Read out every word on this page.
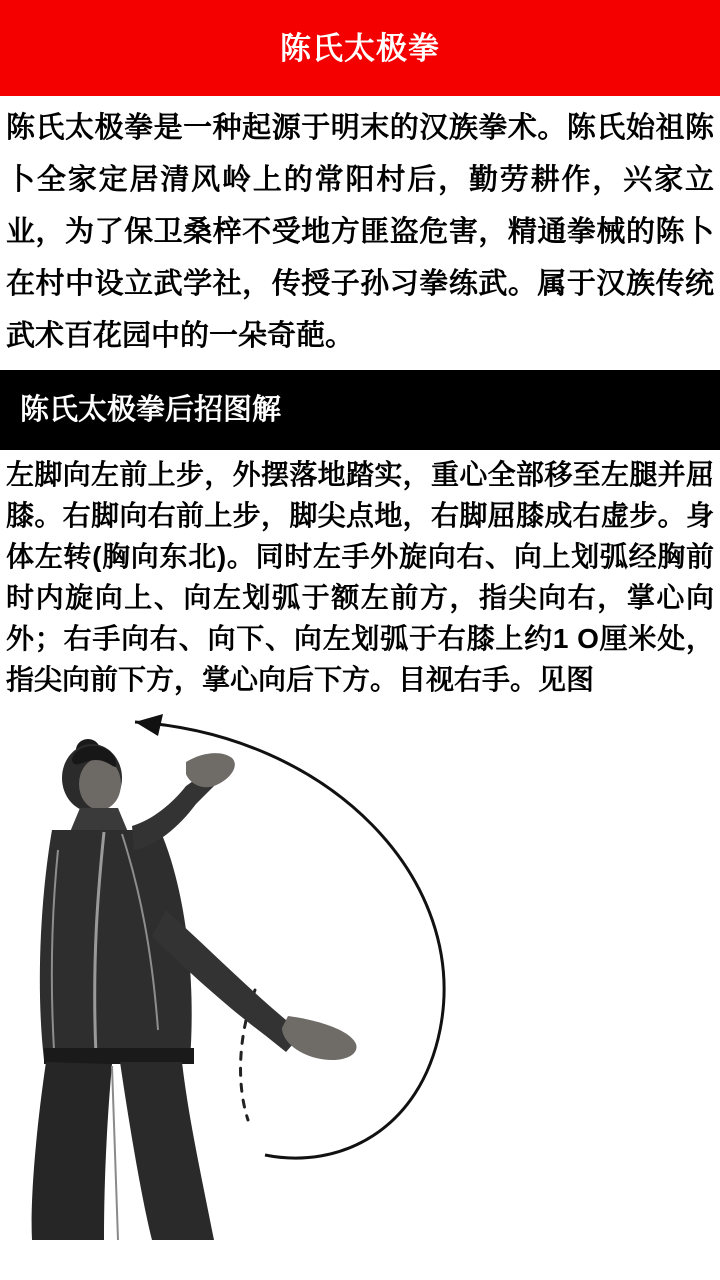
陈氏太极拳

陈氏太极拳是一种起源于明末的汉族拳术。陈氏始祖陈卜全家定居清风岭上的常阳村后，勤劳耕作，兴家立业，为了保卫桑梓不受地方匪盗危害，精通拳械的陈卜在村中设立武学社，传授子孙习拳练武。属于汉族传统武术百花园中的一朵奇葩。

陈氏太极拳后招图解

左脚向左前上步，外摆落地踏实，重心全部移至左腿并屈膝。右脚向右前上步，脚尖点地，右脚屈膝成右虚步。身体左转(胸向东北)。同时左手外旋向右、向上划弧经胸前时内旋向上、向左划弧于额左前方，指尖向右，掌心向外；右手向右、向下、向左划弧于右膝上约1 O厘米处，指尖向前下方，掌心向后下方。目视右手。见图
